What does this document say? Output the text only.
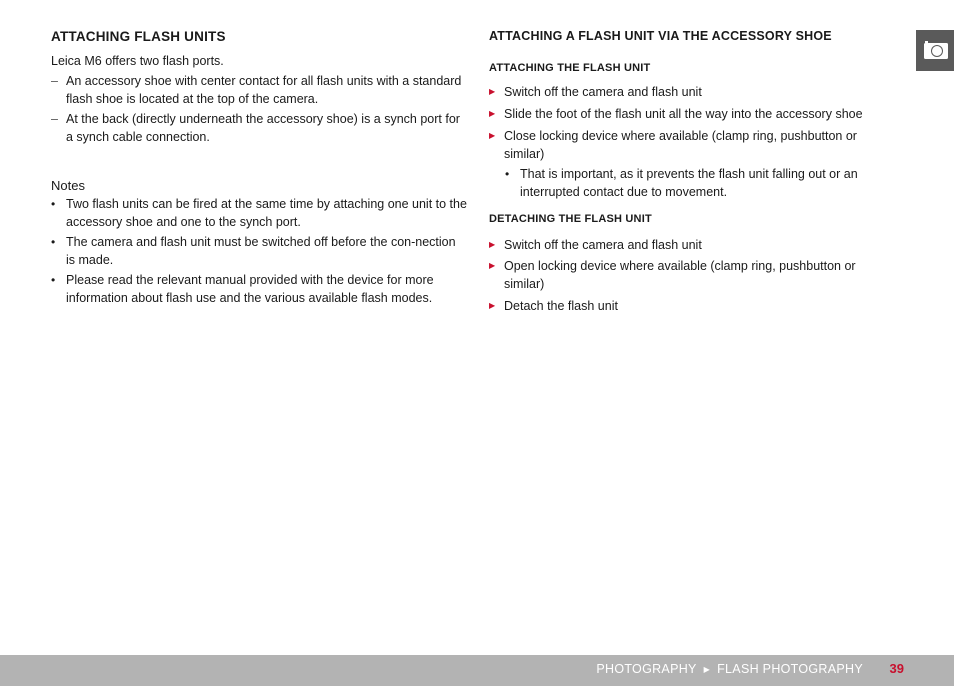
ATTACHING FLASH UNITS

Leica M6 offers two flash ports.

– An accessory shoe with center contact for all flash units with a standard flash shoe is located at the top of the camera.

– At the back (directly underneath the accessory shoe) is a synch port for a synch cable connection.

Notes

• Two flash units can be fired at the same time by attaching one unit to the accessory shoe and one to the synch port.

• The camera and flash unit must be switched off before the con-nection is made.

• Please read the relevant manual provided with the device for more information about flash use and the various available flash modes.

ATTACHING A FLASH UNIT VIA THE ACCESSORY SHOE
ATTACHING THE FLASH UNIT

▶ Switch off the camera and flash unit

▶ Slide the foot of the flash unit all the way into the accessory shoe

▶ Close locking device where available (clamp ring, pushbutton or similar)

• That is important, as it prevents the flash unit falling out or an interrupted contact due to movement.

DETACHING THE FLASH UNIT

▶ Switch off the camera and flash unit

▶ Open locking device where available (clamp ring, pushbutton or similar)

▶ Detach the flash unit

PHOTOGRAPHY ▶ FLASH PHOTOGRAPHY 39
